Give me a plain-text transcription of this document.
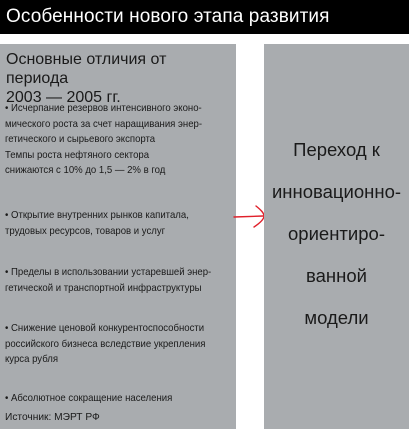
Особенности нового этапа развития
Основные отличия от периода
2003 — 2005 гг.
• Исчерпание резервов интенсивного эконо-
мического роста за счет наращивания энер-
гетического и сырьевого экспорта
Темпы роста нефтяного сектора
снижаются с 10% до 1,5 — 2% в год
• Открытие внутренних рынков капитала,
трудовых ресурсов, товаров и услуг
• Пределы в использовании устаревшей энер-
гетической и транспортной инфраструктуры
• Снижение ценовой конкурентоспособности
российского бизнеса вследствие укрепления
курса рубля
• Абсолютное сокращение населения
Источник: МЭРТ РФ
Переход к
инновационно-
ориентиро-
ванной
модели
